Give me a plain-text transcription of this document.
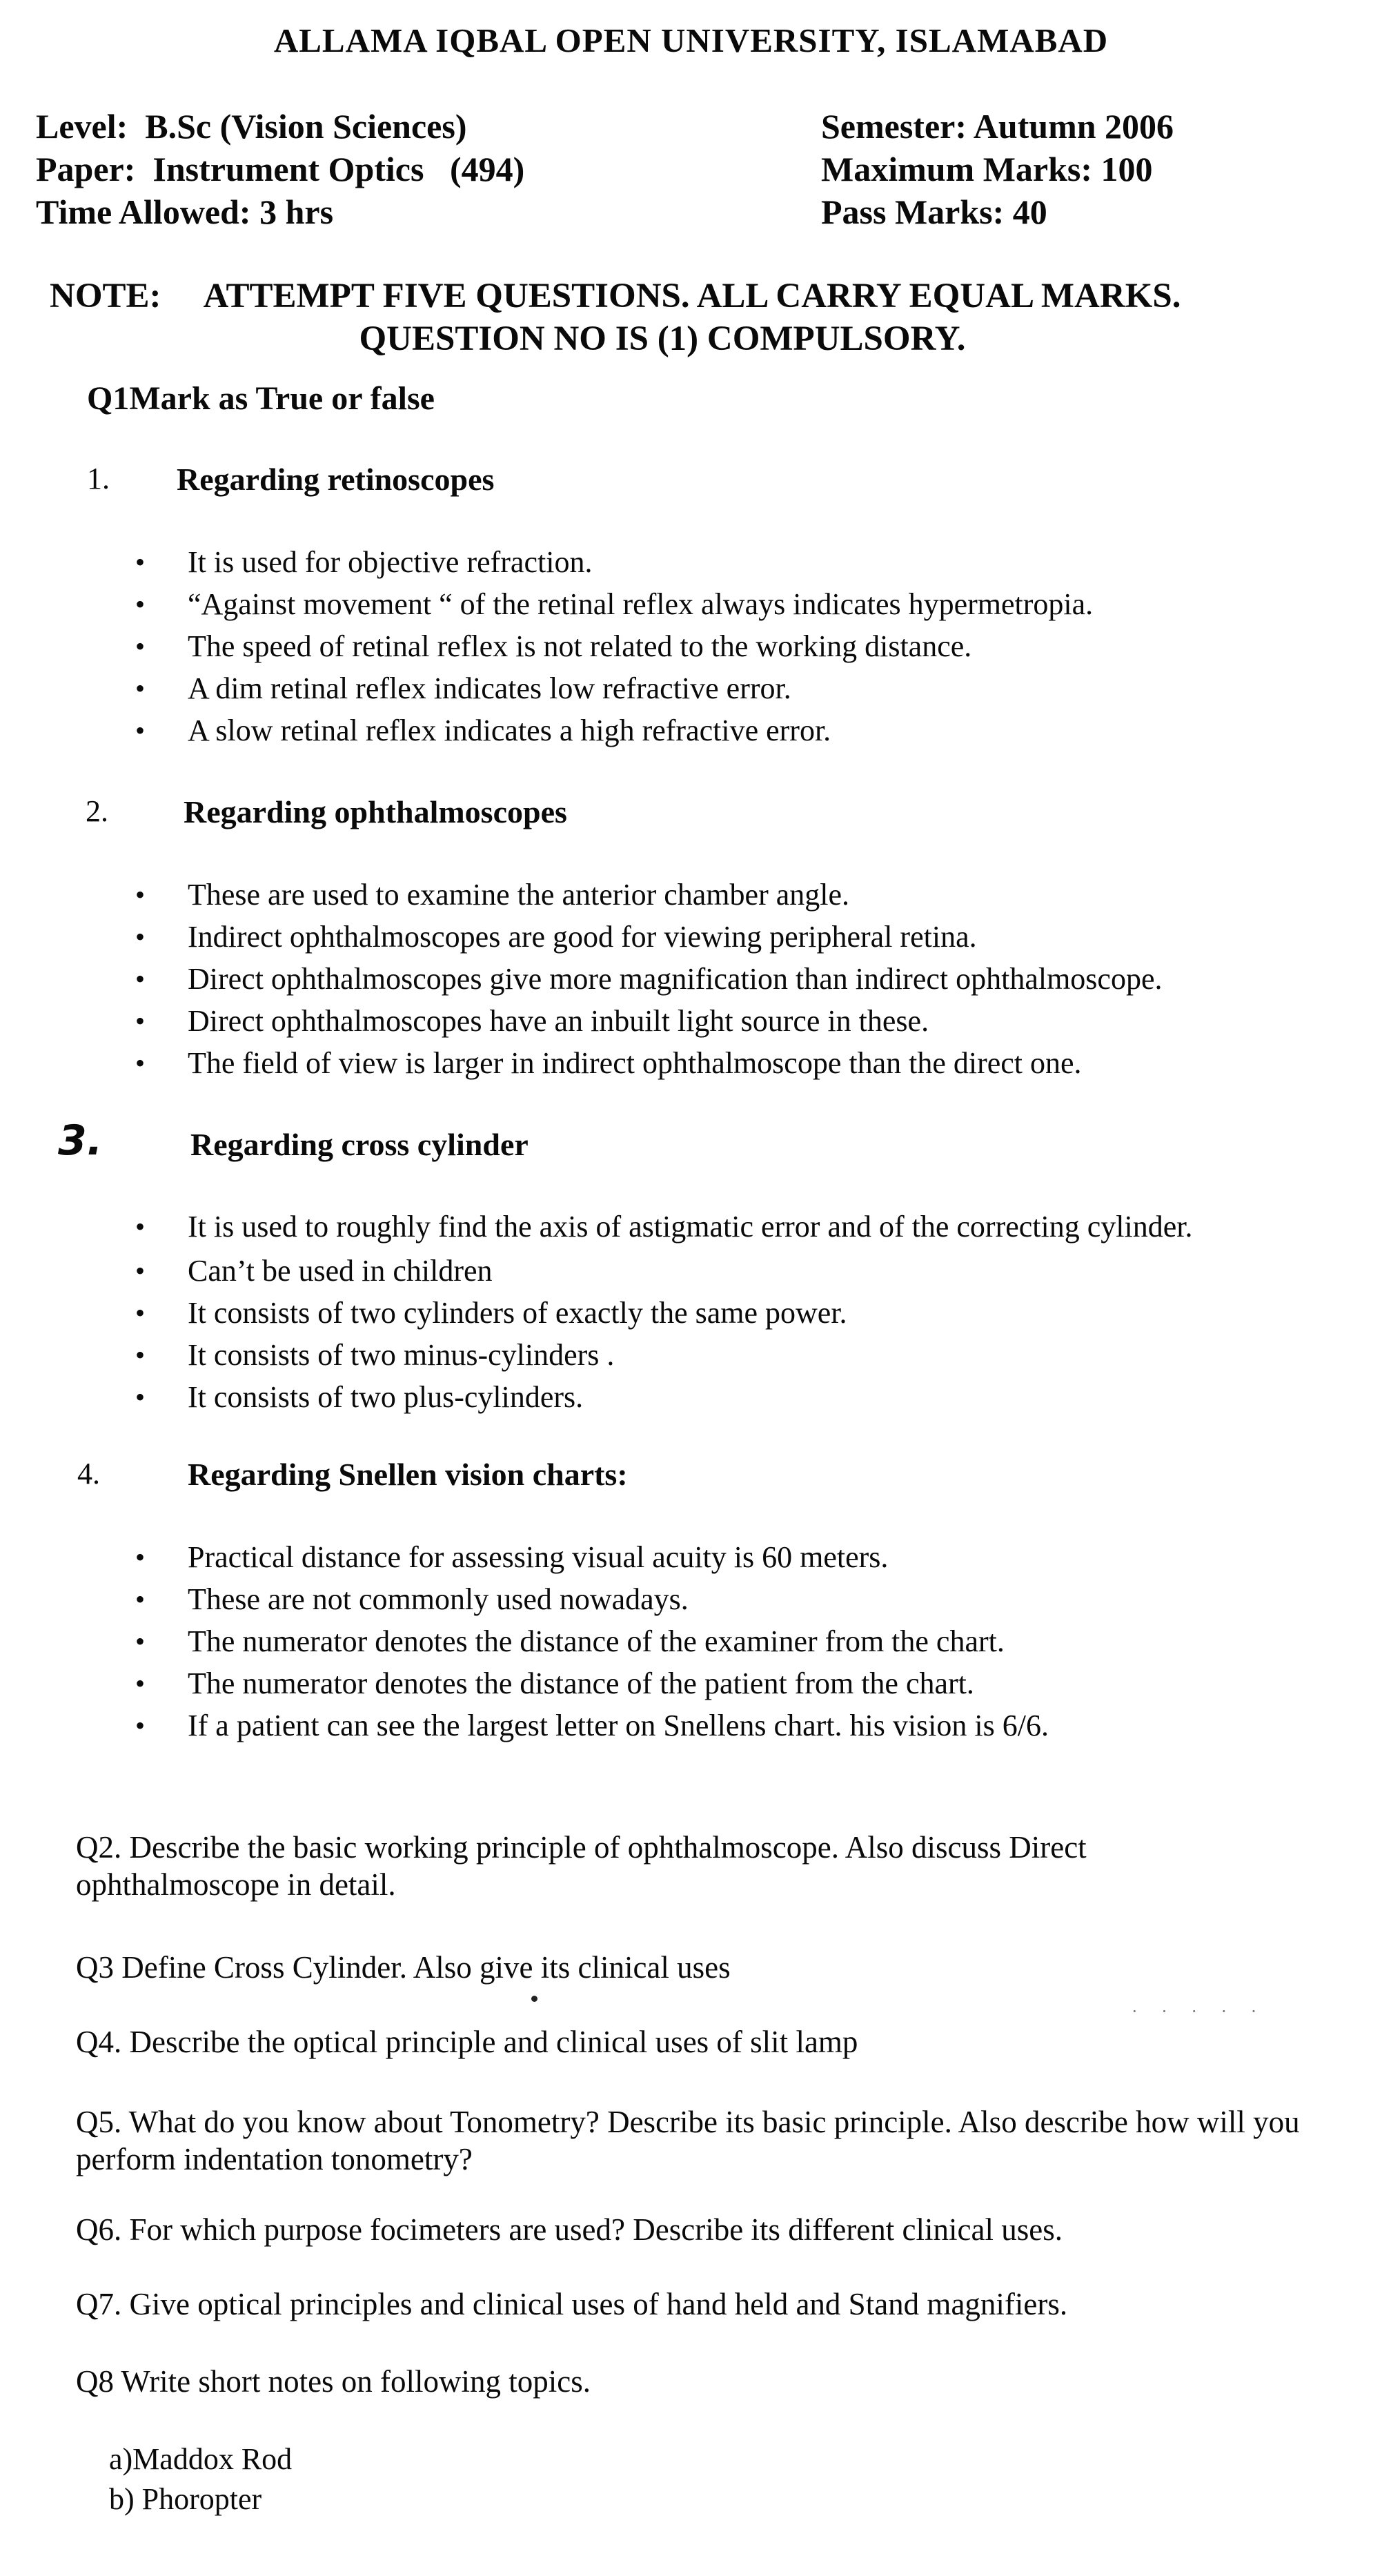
ALLAMA IQBAL OPEN UNIVERSITY, ISLAMABAD
Level:  B.Sc (Vision Sciences)
Paper:  Instrument Optics   (494)
Time Allowed: 3 hrs
Semester: Autumn 2006
Maximum Marks: 100
Pass Marks: 40
NOTE:     ATTEMPT FIVE QUESTIONS. ALL CARRY EQUAL MARKS.
QUESTION NO IS (1) COMPULSORY.
Q1Mark as True or false
1. Regarding retinoscopes
• It is used for objective refraction.
• “Against movement “ of the retinal reflex always indicates hypermetropia.
• The speed of retinal reflex is not related to the working distance.
• A dim retinal reflex indicates low refractive error.
• A slow retinal reflex indicates a high refractive error.
2. Regarding ophthalmoscopes
• These are used to examine the anterior chamber angle.
• Indirect ophthalmoscopes are good for viewing peripheral retina.
• Direct ophthalmoscopes give more magnification than indirect ophthalmoscope.
• Direct ophthalmoscopes have an inbuilt light source in these.
• The field of view is larger in indirect ophthalmoscope than the direct one.
3.	Regarding cross cylinder
• It is used to roughly find the axis of astigmatic error and of the correcting cylinder.
• Can’t be used in children
• It consists of two cylinders of exactly the same power.
• It consists of two minus-cylinders .
• It consists of two plus-cylinders.
4.	Regarding Snellen vision charts:
• Practical distance for assessing visual acuity is 60 meters.
• These are not commonly used nowadays.
• The numerator denotes the distance of the examiner from the chart.
• The numerator denotes the distance of the patient from the chart.
• If a patient can see the largest letter on Snellens chart. his vision is 6/6.
Q2. Describe the basic working principle of ophthalmoscope. Also discuss Direct ophthalmoscope in detail.
Q3 Define Cross Cylinder. Also give its clinical uses
· · · · ·
Q4. Describe the optical principle and clinical uses of slit lamp
Q5. What do you know about Tonometry? Describe its basic principle. Also describe how will you perform indentation tonometry?
Q6. For which purpose focimeters are used? Describe its different clinical uses.
Q7. Give optical principles and clinical uses of hand held and Stand magnifiers.
Q8 Write short notes on following topics.
a)Maddox Rod
b) Phoropter
